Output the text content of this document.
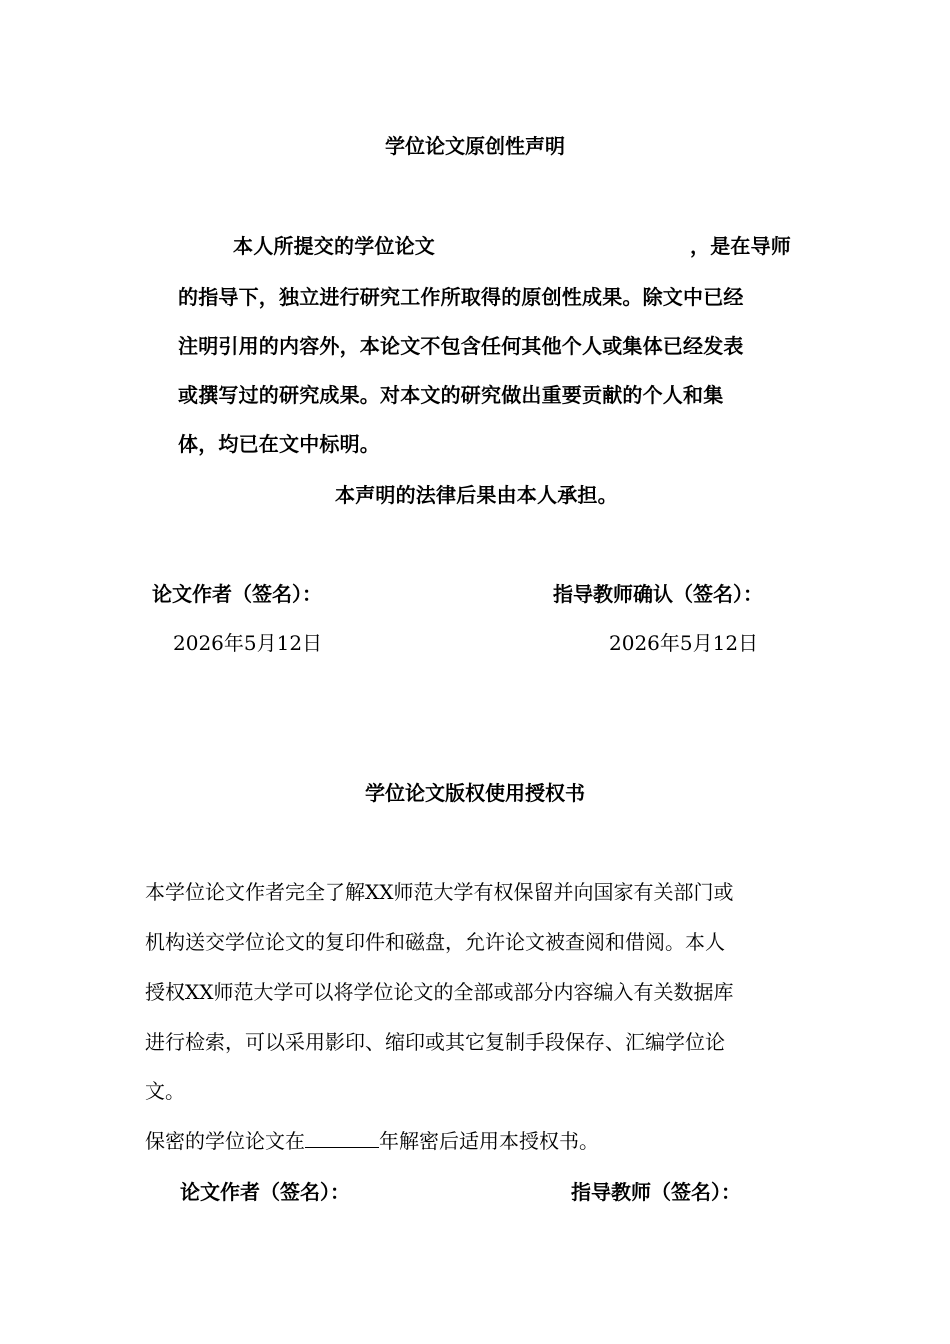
学位论文原创性声明
本人所提交的学位论文	，是在导师
的指导下，独立进行研究工作所取得的原创性成果。除文中已经
注明引用的内容外，本论文不包含任何其他个人或集体已经发表
或撰写过的研究成果。对本文的研究做出重要贡献的个人和集
体，均已在文中标明。
本声明的法律后果由本人承担。
论文作者（签名）：	指导教师确认（签名）：
2026年5月12日	2026年5月12日
学位论文版权使用授权书
本学位论文作者完全了解XX师范大学有权保留并向国家有关部门或
机构送交学位论文的复印件和磁盘，允许论文被查阅和借阅。本人
授权XX师范大学可以将学位论文的全部或部分内容编入有关数据库
进行检索，可以采用影印、缩印或其它复制手段保存、汇编学位论
文。
保密的学位论文在	年解密后适用本授权书。
论文作者（签名）：	指导教师（签名）：
